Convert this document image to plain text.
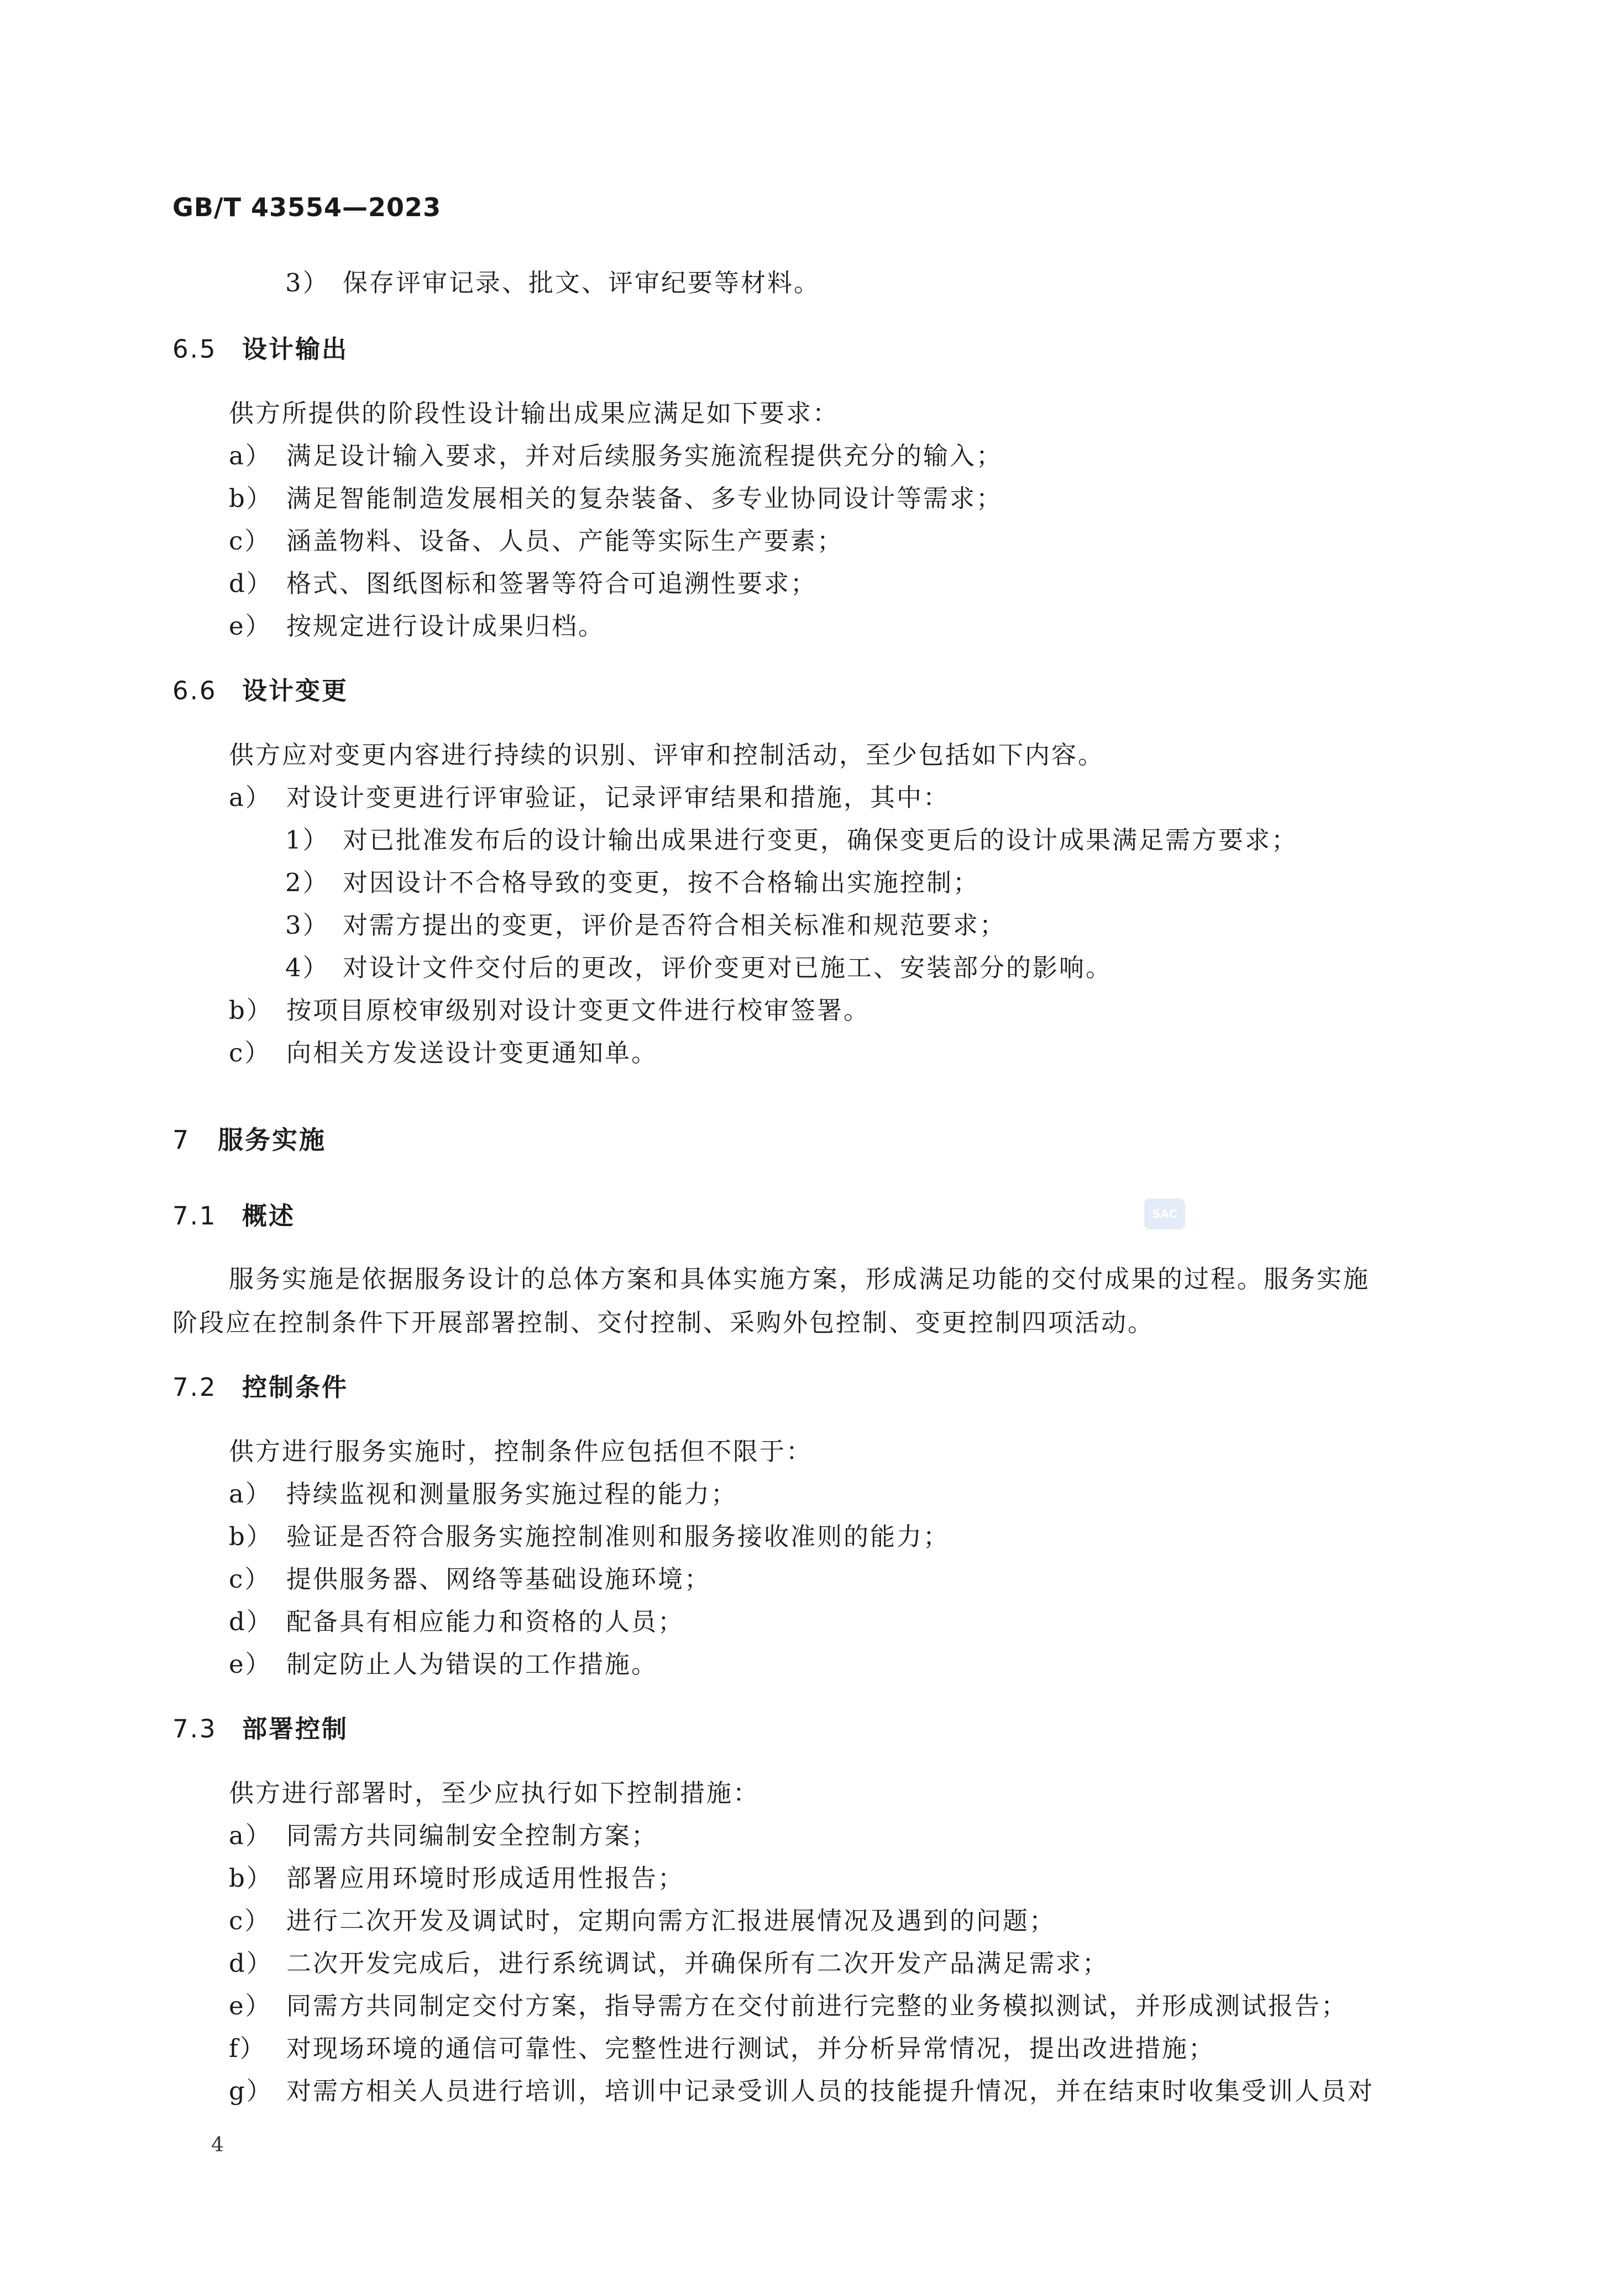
GB/T 43554—2023
3） 保存评审记录、批文、评审纪要等材料。
6.5 设计输出
供方所提供的阶段性设计输出成果应满足如下要求：
a） 满足设计输入要求，并对后续服务实施流程提供充分的输入；
b） 满足智能制造发展相关的复杂装备、多专业协同设计等需求；
c） 涵盖物料、设备、人员、产能等实际生产要素；
d） 格式、图纸图标和签署等符合可追溯性要求；
e） 按规定进行设计成果归档。
6.6 设计变更
供方应对变更内容进行持续的识别、评审和控制活动，至少包括如下内容。
a） 对设计变更进行评审验证，记录评审结果和措施，其中：
1） 对已批准发布后的设计输出成果进行变更，确保变更后的设计成果满足需方要求；
2） 对因设计不合格导致的变更，按不合格输出实施控制；
3） 对需方提出的变更，评价是否符合相关标准和规范要求；
4） 对设计文件交付后的更改，评价变更对已施工、安装部分的影响。
b） 按项目原校审级别对设计变更文件进行校审签署。
c） 向相关方发送设计变更通知单。
7 服务实施
7.1 概述	SAC
服务实施是依据服务设计的总体方案和具体实施方案，形成满足功能的交付成果的过程。服务实施阶段应在控制条件下开展部署控制、交付控制、采购外包控制、变更控制四项活动。
7.2 控制条件
供方进行服务实施时，控制条件应包括但不限于：
a） 持续监视和测量服务实施过程的能力；
b） 验证是否符合服务实施控制准则和服务接收准则的能力；
c） 提供服务器、网络等基础设施环境；
d） 配备具有相应能力和资格的人员；
e） 制定防止人为错误的工作措施。
7.3 部署控制
供方进行部署时，至少应执行如下控制措施：
a） 同需方共同编制安全控制方案；
b） 部署应用环境时形成适用性报告；
c） 进行二次开发及调试时，定期向需方汇报进展情况及遇到的问题；
d） 二次开发完成后，进行系统调试，并确保所有二次开发产品满足需求；
e） 同需方共同制定交付方案，指导需方在交付前进行完整的业务模拟测试，并形成测试报告；
f） 对现场环境的通信可靠性、完整性进行测试，并分析异常情况，提出改进措施；
g） 对需方相关人员进行培训，培训中记录受训人员的技能提升情况，并在结束时收集受训人员对
4
